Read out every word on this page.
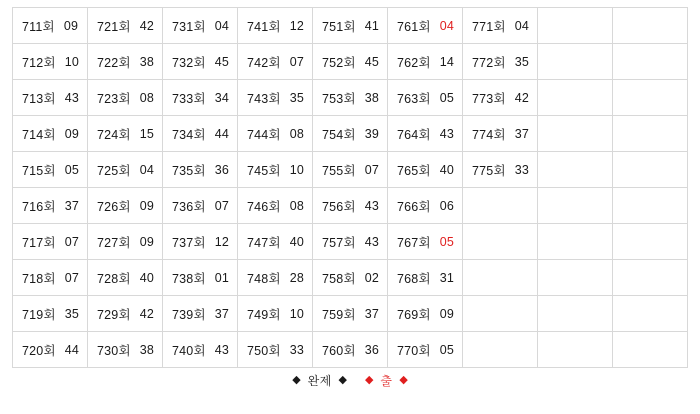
711회 09	721회 42	731회 04	741회 12	751회 41	761회 04	771회 04		

712회 10	722회 38	732회 45	742회 07	752회 45	762회 14	772회 35		

713회 43	723회 08	733회 34	743회 35	753회 38	763회 05	773회 42		

714회 09	724회 15	734회 44	744회 08	754회 39	764회 43	774회 37		

715회 05	725회 04	735회 36	745회 10	755회 07	765회 40	775회 33		

716회 37	726회 09	736회 07	746회 08	756회 43	766회 06			

717회 07	727회 09	737회 12	747회 40	757회 43	767회 05			

718회 07	728회 40	738회 01	748회 28	758회 02	768회 31			

719회 35	729회 42	739회 37	749회 10	759회 37	769회 09			

720회 44	730회 38	740회 43	750회 33	760회 36	770회 05			

◆ 완제 ◆ ◆ 출 ◆
